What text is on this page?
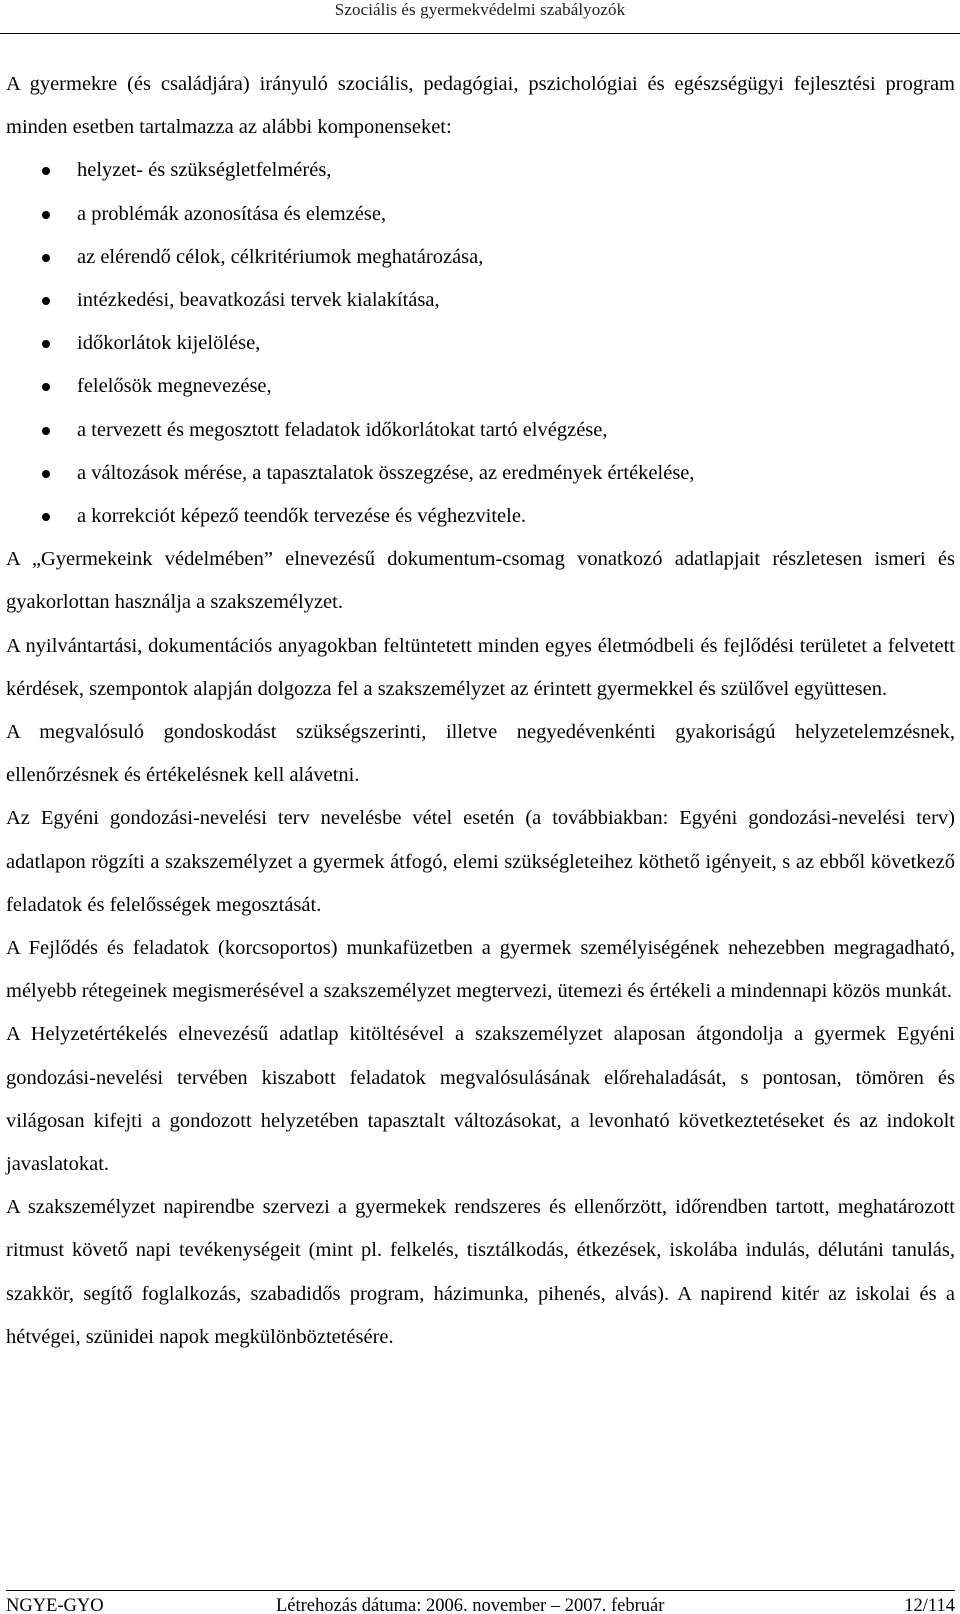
Szociális és gyermekvédelmi szabályozók

A gyermekre (és családjára) irányuló szociális, pedagógiai, pszichológiai és egészségügyi fejlesztési program minden esetben tartalmazza az alábbi komponenseket:

helyzet- és szükségletfelmérés,
a problémák azonosítása és elemzése,
az elérendő célok, célkritériumok meghatározása,
intézkedési, beavatkozási tervek kialakítása,
időkorlátok kijelölése,
felelősök megnevezése,
a tervezett és megosztott feladatok időkorlátokat tartó elvégzése,
a változások mérése, a tapasztalatok összegzése, az eredmények értékelése,
a korrekciót képező teendők tervezése és véghezvitele.

A „Gyermekeink védelmében” elnevezésű dokumentum-csomag vonatkozó adatlapjait részletesen ismeri és gyakorlottan használja a szakszemélyzet.

A nyilvántartási, dokumentációs anyagokban feltüntetett minden egyes életmódbeli és fejlődési területet a felvetett kérdések, szempontok alapján dolgozza fel a szakszemélyzet az érintett gyermekkel és szülővel együttesen.

A megvalósuló gondoskodást szükségszerinti, illetve negyedévenkénti gyakoriságú helyzetelemzésnek, ellenőrzésnek és értékelésnek kell alávetni.

Az Egyéni gondozási-nevelési terv nevelésbe vétel esetén (a továbbiakban: Egyéni gondozási-nevelési terv) adatlapon rögzíti a szakszemélyzet a gyermek átfogó, elemi szükségleteihez köthető igényeit, s az ebből következő feladatok és felelősségek megosztását.

A Fejlődés és feladatok (korcsoportos) munkafüzetben a gyermek személyiségének nehezebben megragadható, mélyebb rétegeinek megismerésével a szakszemélyzet megtervezi, ütemezi és értékeli a mindennapi közös munkát.

A Helyzetértékelés elnevezésű adatlap kitöltésével a szakszemélyzet alaposan átgondolja a gyermek Egyéni gondozási-nevelési tervében kiszabott feladatok megvalósulásának előrehaladását, s pontosan, tömören és világosan kifejti a gondozott helyzetében tapasztalt változásokat, a levonható következtetéseket és az indokolt javaslatokat.

A szakszemélyzet napirendbe szervezi a gyermekek rendszeres és ellenőrzött, időrendben tartott, meghatározott ritmust követő napi tevékenységeit (mint pl. felkelés, tisztálkodás, étkezések, iskolába indulás, délutáni tanulás, szakkör, segítő foglalkozás, szabadidős program, házimunka, pihenés, alvás). A napirend kitér az iskolai és a hétvégei, szünidei napok megkülönböztetésére.

NGYE-GYO	Létrehozás dátuma: 2006. november – 2007. február	12/114
